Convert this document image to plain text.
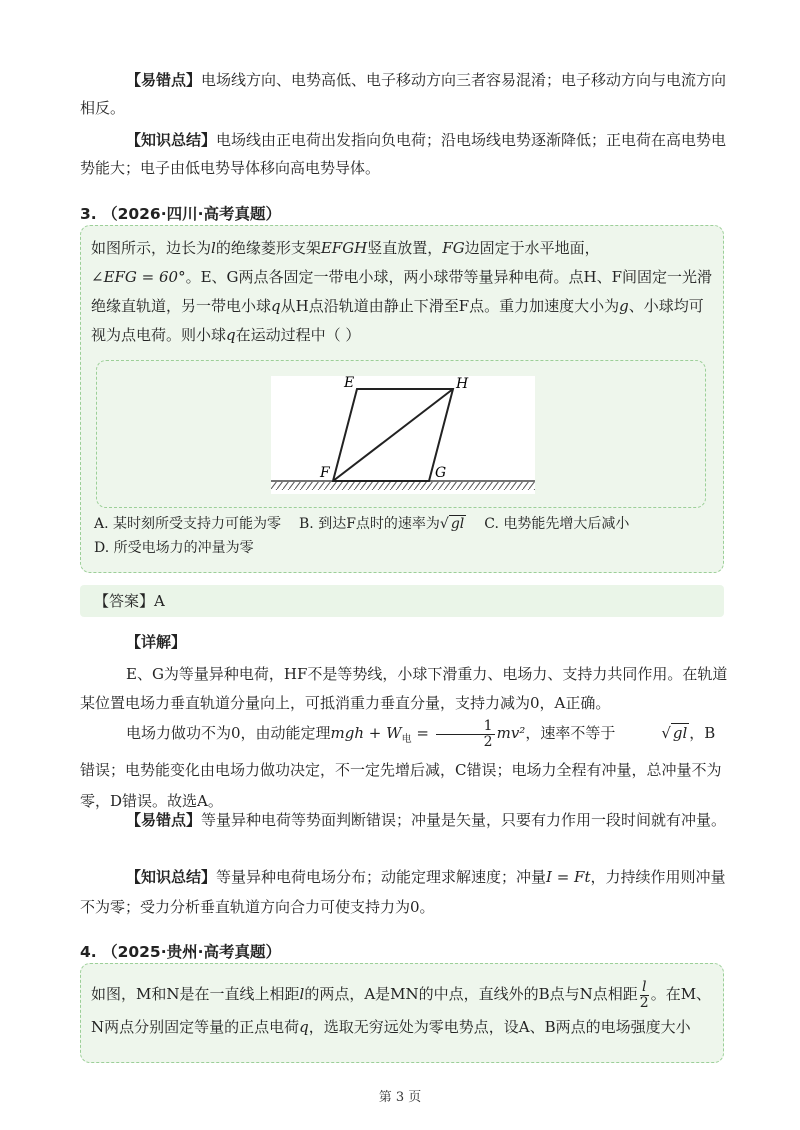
【易错点】电场线方向、电势高低、电子移动方向三者容易混淆；电子移动方向与电流方向相反。

【知识总结】电场线由正电荷出发指向负电荷；沿电场线电势逐渐降低；正电荷在高电势电势能大；电子由低电势导体移向高电势导体。

3. （2026·四川·高考真题）

如图所示，边长为l的绝缘菱形支架EFGH竖直放置，FG边固定于水平地面，
∠EFG = 60°。E、G两点各固定一带电小球，两小球带等量异种电荷。点H、F间固定一光滑绝缘直轨道，另一带电小球q从H点沿轨道由静止下滑至F点。重力加速度大小为g、小球均可视为点电荷。则小球q在运动过程中（ ）

E	H
F	G
A. 某时刻所受支持力可能为零 B. 到达F点时的速率为√ gl C. 电势能先增大后减小
D. 所受电场力的冲量为零
【答案】A

【详解】

E、G为等量异种电荷，HF不是等势线，小球下滑重力、电场力、支持力共同作用。在轨道某位置电场力垂直轨道分量向上，可抵消重力垂直分量，支持力减为0，A正确。

电场力做功不为0，由动能定理mgh + $W_电 = \frac{1}{2} mv^2$，速率不等于	√ gl ，B错误；电势能变化由电场力做功决定，不一定先增后减，C错误；电场力全程有冲量，总冲量不为零，D错误。故选A。

【易错点】等量异种电荷等势面判断错误；冲量是矢量，只要有力作用一段时间就有冲量。

【知识总结】等量异种电荷电场分布；动能定理求解速度；冲量I = Ft，力持续作用则冲量不为零；受力分析垂直轨道方向合力可使支持力为0。

4. （2025·贵州·高考真题）

如图，M和N是在一直线上相距l的两点，A是MN的中点，直线外的B点与N点相距 $\frac{l}{2}$ 。在M、N两点分别固定等量的正点电荷q，选取无穷远处为零电势点，设A、B两点的电场强度大小

第 3 页
